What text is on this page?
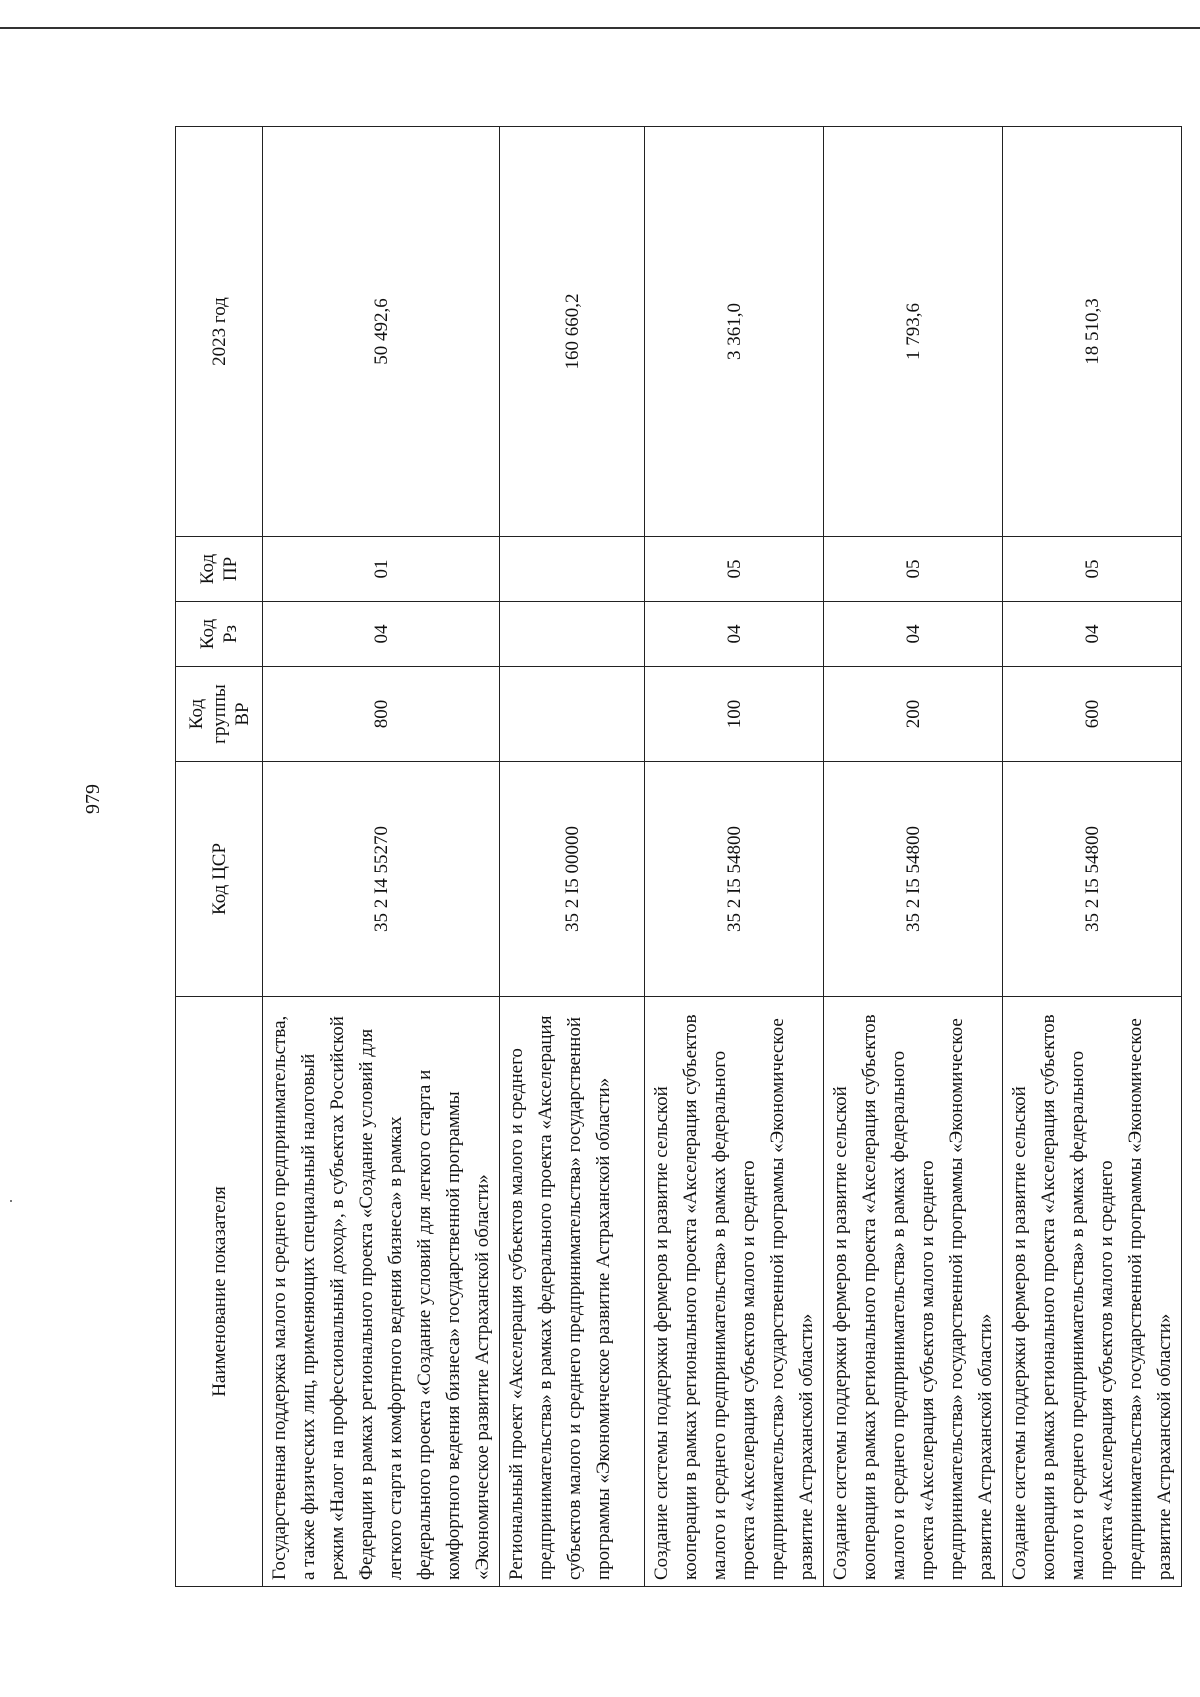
979
Наименование показателя	Код ЦСР	Код группы ВР	Код Рз	Код ПР	2023 год
Государственная поддержка малого и среднего предпринимательства, а также физических лиц, применяющих специальный налоговый режим «Налог на профессиональный доход», в субъектах Российской Федерации в рамках регионального проекта «Создание условий для легкого старта и комфортного ведения бизнеса» в рамках федерального проекта «Создание условий для легкого старта и комфортного ведения бизнеса» государственной программы «Экономическое развитие Астраханской области»	35 2 I4 55270	800	04	01	50 492,6
Региональный проект «Акселерация субъектов малого и среднего предпринимательства» в рамках федерального проекта «Акселерация субъектов малого и среднего предпринимательства» государственной программы «Экономическое развитие Астраханской области»	35 2 I5 00000				160 660,2
Создание системы поддержки фермеров и развитие сельской кооперации в рамках регионального проекта «Акселерация субъектов малого и среднего предпринимательства» в рамках федерального проекта «Акселерация субъектов малого и среднего предпринимательства» государственной программы «Экономическое развитие Астраханской области»	35 2 I5 54800	100	04	05	3 361,0
Создание системы поддержки фермеров и развитие сельской кооперации в рамках регионального проекта «Акселерация субъектов малого и среднего предпринимательства» в рамках федерального проекта «Акселерация субъектов малого и среднего предпринимательства» государственной программы «Экономическое развитие Астраханской области»	35 2 I5 54800	200	04	05	1 793,6
Создание системы поддержки фермеров и развитие сельской кооперации в рамках регионального проекта «Акселерация субъектов малого и среднего предпринимательства» в рамках федерального проекта «Акселерация субъектов малого и среднего предпринимательства» государственной программы «Экономическое развитие Астраханской области»	35 2 I5 54800	600	04	05	18 510,3
